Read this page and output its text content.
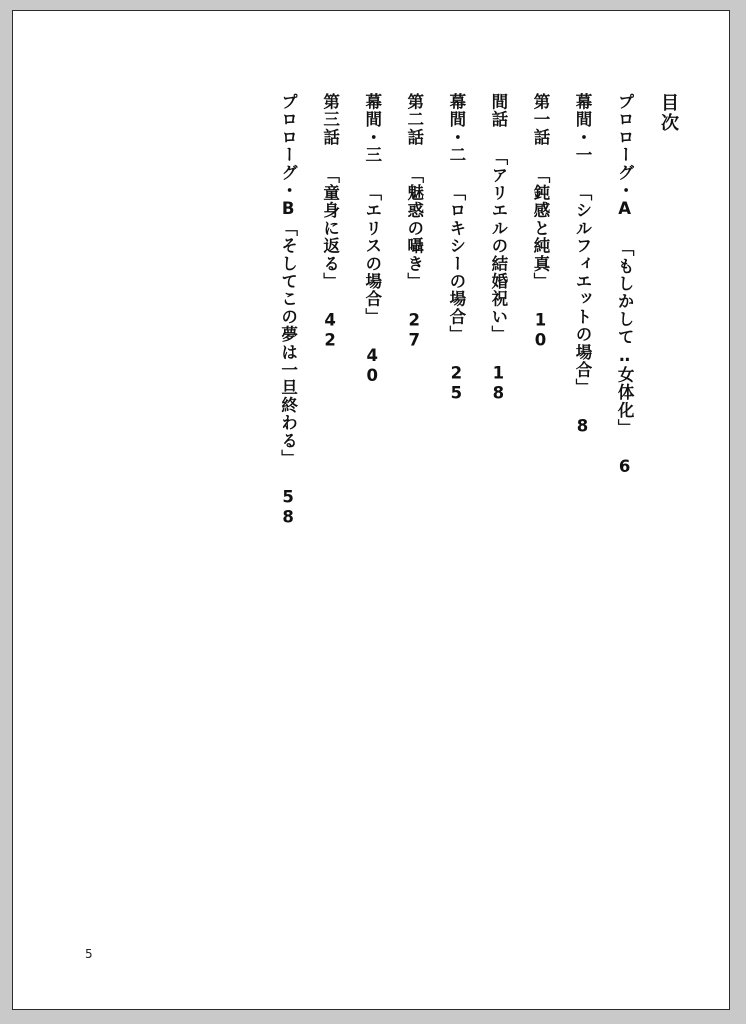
目次
プロローグ・A 「もしかして‥女体化」 6
幕間・一 「シルフィエットの場合」 8
第一話 「鈍感と純真」 10
間話 「アリエルの結婚祝い」 18
幕間・二 「ロキシーの場合」 25
第二話 「魅惑の囁き」 27
幕間・三 「エリスの場合」 40
第三話 「童身に返る」 42
プロローグ・B「そしてこの夢は一旦終わる」 58
5
